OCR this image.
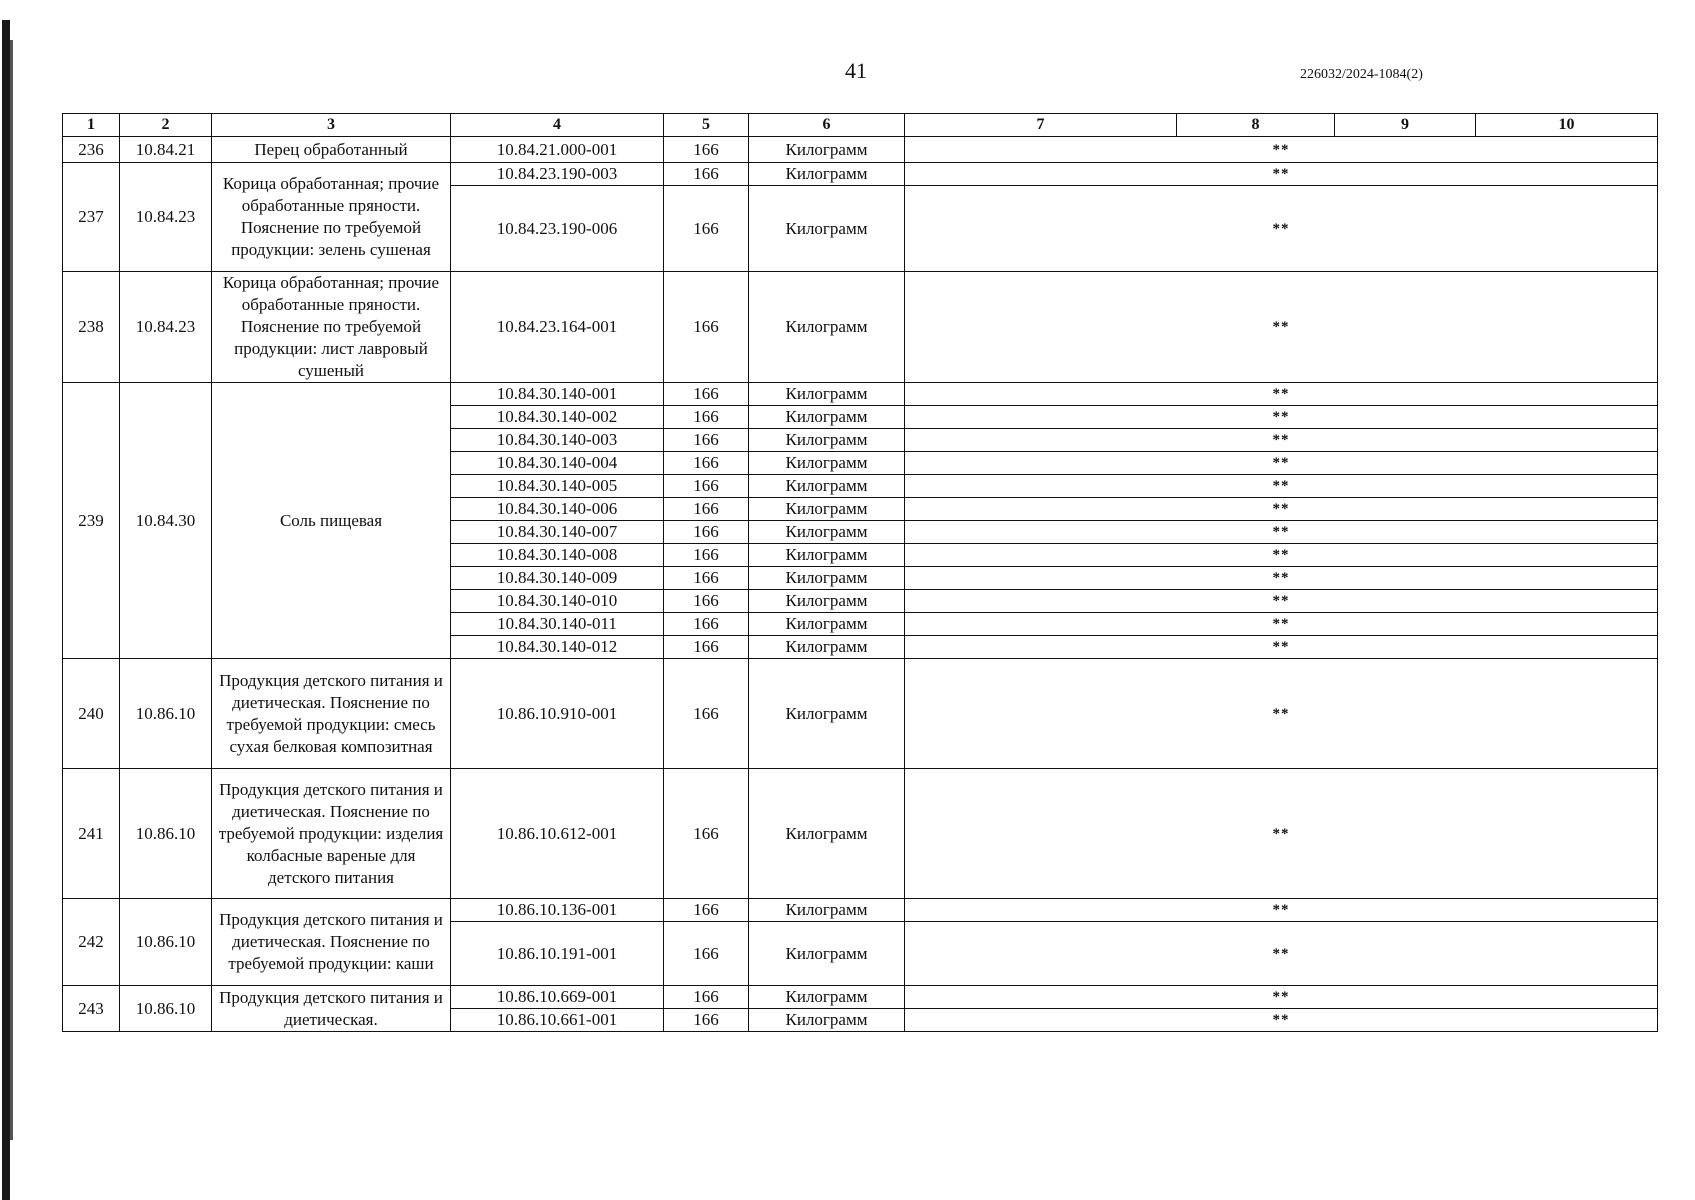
41	226032/2024-1084(2)
1	2	3	4	5	6	7	8	9	10
236	10.84.21	Перец обработанный	10.84.21.000-001	166	Килограмм	**			
237	10.84.23	Корица обработанная; прочие обработанные пряности. Пояснение по требуемой продукции: зелень сушеная	10.84.23.190-003	166	Килограмм	**			
			10.84.23.190-006	166	Килограмм	**			
238	10.84.23	Корица обработанная; прочие обработанные пряности. Пояснение по требуемой продукции: лист лавровый сушеный	10.84.23.164-001	166	Килограмм	**			
239	10.84.30	Соль пищевая	10.84.30.140-001	166	Килограмм	**			
			10.84.30.140-002	166	Килограмм	**			
			10.84.30.140-003	166	Килограмм	**			
			10.84.30.140-004	166	Килограмм	**			
			10.84.30.140-005	166	Килограмм	**			
			10.84.30.140-006	166	Килограмм	**			
			10.84.30.140-007	166	Килограмм	**			
			10.84.30.140-008	166	Килограмм	**			
			10.84.30.140-009	166	Килограмм	**			
			10.84.30.140-010	166	Килограмм	**			
			10.84.30.140-011	166	Килограмм	**			
			10.84.30.140-012	166	Килограмм	**			
240	10.86.10	Продукция детского питания и диетическая. Пояснение по требуемой продукции: смесь сухая белковая композитная	10.86.10.910-001	166	Килограмм	**			
241	10.86.10	Продукция детского питания и диетическая. Пояснение по требуемой продукции: изделия колбасные вареные для детского питания	10.86.10.612-001	166	Килограмм	**			
242	10.86.10	Продукция детского питания и диетическая. Пояснение по требуемой продукции: каши	10.86.10.136-001	166	Килограмм	**			
			10.86.10.191-001	166	Килограмм	**			
243	10.86.10	Продукция детского питания и диетическая.	10.86.10.669-001	166	Килограмм	**			
			10.86.10.661-001	166	Килограмм	**			
